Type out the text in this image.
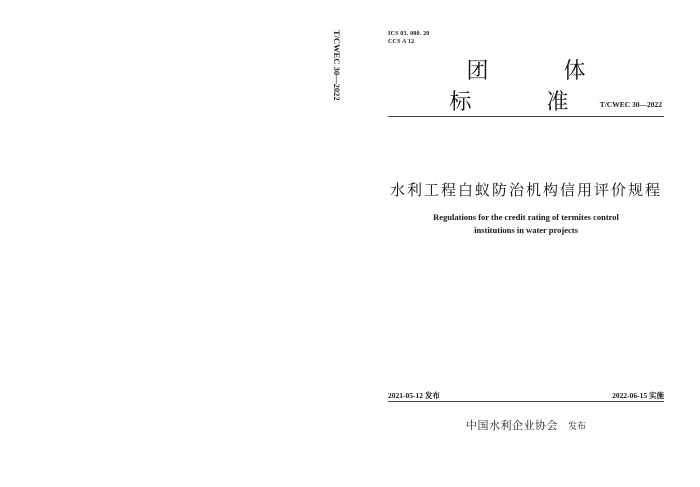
T/CWEC 30—2022	ICS 03. 080. 20
CCS A 12
团 体 标 准
T/CWEC 30—2022
水利工程白蚁防治机构信用评价规程
Regulations for the credit rating of termites control
institutions in water projects
2021-05-12 发布	2022-06-15 实施
中国水利企业协会 发布
